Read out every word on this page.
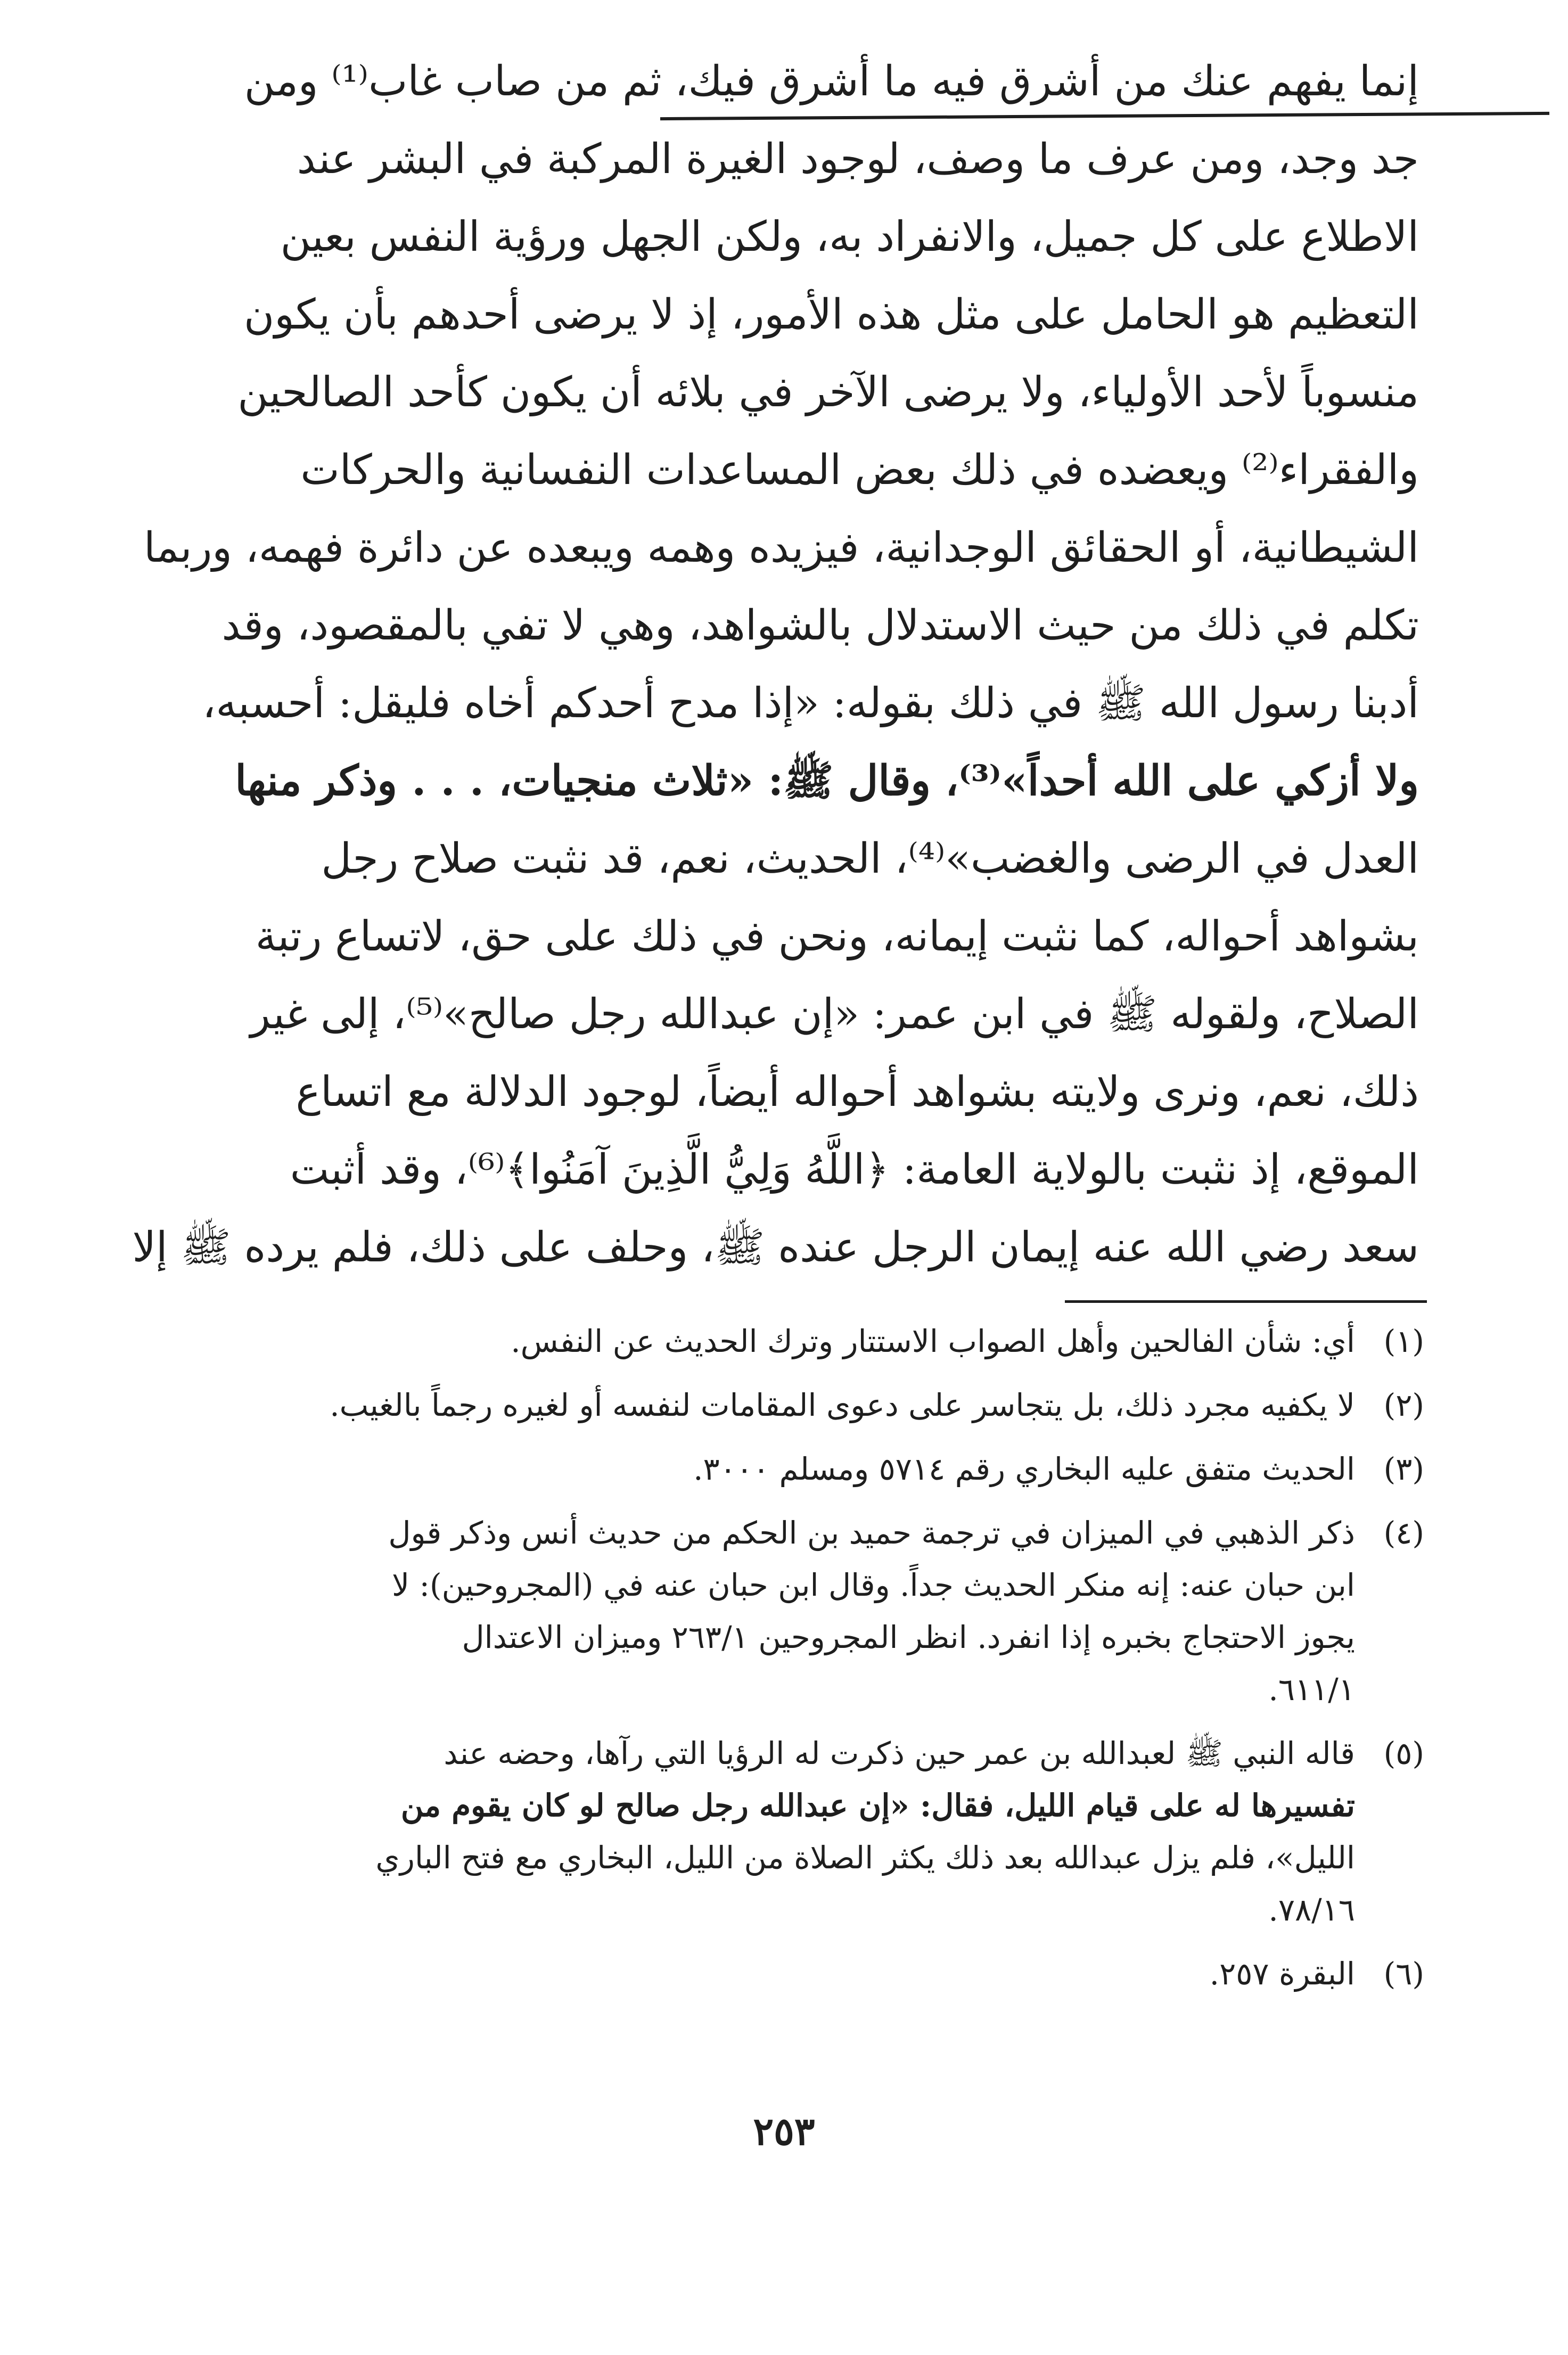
إنما يفهم عنك من أشرق فيه ما أشرق فيك، ثم من صاب غاب⁽¹⁾ ومن
جد وجد، ومن عرف ما وصف، لوجود الغيرة المركبة في البشر عند
الاطلاع على كل جميل، والانفراد به، ولكن الجهل ورؤية النفس بعين
التعظيم هو الحامل على مثل هذه الأمور، إذ لا يرضى أحدهم بأن يكون
منسوباً لأحد الأولياء، ولا يرضى الآخر في بلائه أن يكون كأحد الصالحين
والفقراء⁽²⁾ ويعضده في ذلك بعض المساعدات النفسانية والحركات
الشيطانية، أو الحقائق الوجدانية، فيزيده وهمه ويبعده عن دائرة فهمه، وربما
تكلم في ذلك من حيث الاستدلال بالشواهد، وهي لا تفي بالمقصود، وقد
أدبنا رسول الله ﷺ في ذلك بقوله: «إذا مدح أحدكم أخاه فليقل: أحسبه،
ولا أزكي على الله أحداً»⁽³⁾، وقال ﷺ: «ثلاث منجيات، . . . وذكر منها
العدل في الرضى والغضب»⁽⁴⁾، الحديث، نعم، قد نثبت صلاح رجل
بشواهد أحواله، كما نثبت إيمانه، ونحن في ذلك على حق، لاتساع رتبة
الصلاح، ولقوله ﷺ في ابن عمر: «إن عبدالله رجل صالح»⁽⁵⁾، إلى غير
ذلك، نعم، ونرى ولايته بشواهد أحواله أيضاً، لوجود الدلالة مع اتساع
الموقع، إذ نثبت بالولاية العامة: ﴿اللَّهُ وَلِيُّ الَّذِينَ آمَنُوا﴾⁽⁶⁾، وقد أثبت
سعد رضي الله عنه إيمان الرجل عنده ﷺ، وحلف على ذلك، فلم يرده ﷺ إلا
(١)
أي: شأن الفالحين وأهل الصواب الاستتار وترك الحديث عن النفس.
(٢)
لا يكفيه مجرد ذلك، بل يتجاسر على دعوى المقامات لنفسه أو لغيره رجماً بالغيب.
(٣)
الحديث متفق عليه البخاري رقم ٥٧١٤ ومسلم ٣٠٠٠.
(٤)
ذكر الذهبي في الميزان في ترجمة حميد بن الحكم من حديث أنس وذكر قول
ابن حبان عنه: إنه منكر الحديث جداً. وقال ابن حبان عنه في (المجروحين): لا
يجوز الاحتجاج بخبره إذا انفرد. انظر المجروحين ٢٦٣/١ وميزان الاعتدال
٦١١/١.
(٥)
قاله النبي ﷺ لعبدالله بن عمر حين ذكرت له الرؤيا التي رآها، وحضه عند
تفسيرها له على قيام الليل، فقال: «إن عبدالله رجل صالح لو كان يقوم من
الليل»، فلم يزل عبدالله بعد ذلك يكثر الصلاة من الليل، البخاري مع فتح الباري
٧٨/١٦.
(٦)
البقرة ٢٥٧.
٢٥٣
